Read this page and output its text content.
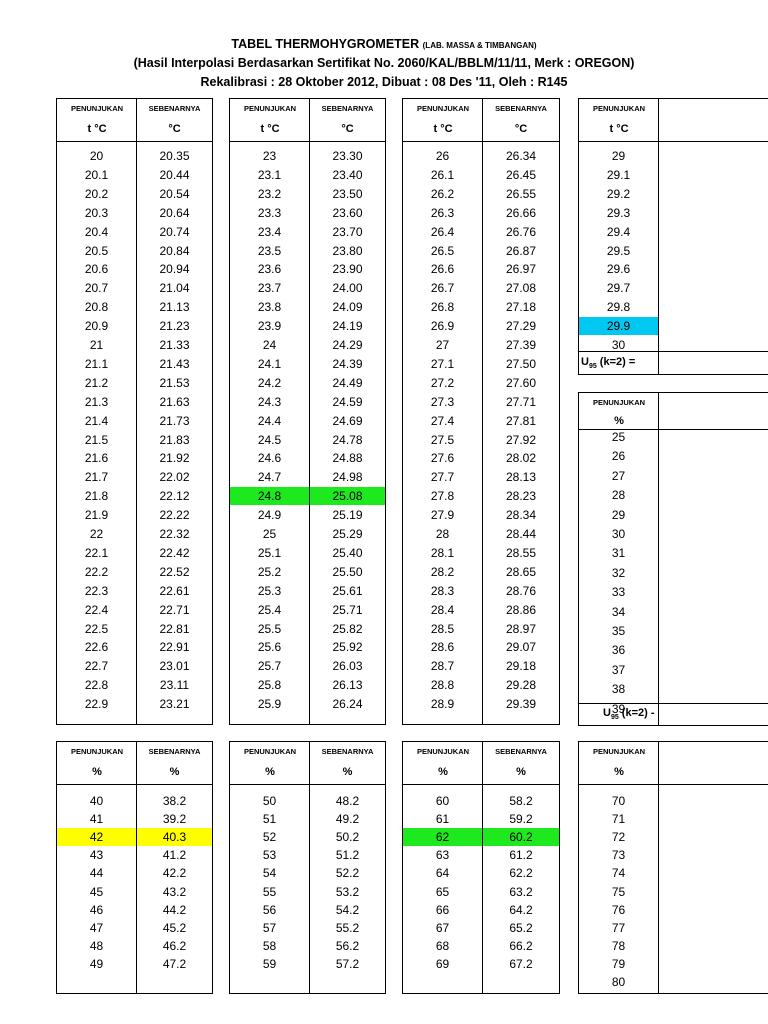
TABEL THERMOHYGROMETER (LAB. MASSA & TIMBANGAN)
(Hasil Interpolasi Berdasarkan Sertifikat No. 2060/KAL/BBLM/11/11, Merk : OREGON)
Rekalibrasi : 28 Oktober 2012, Dibuat : 08 Des '11, Oleh : R145
PENUNJUKAN	SEBENARNYA
t °C	°C
20	20.35
20.1	20.44
20.2	20.54
20.3	20.64
20.4	20.74
20.5	20.84
20.6	20.94
20.7	21.04
20.8	21.13
20.9	21.23
21	21.33
21.1	21.43
21.2	21.53
21.3	21.63
21.4	21.73
21.5	21.83
21.6	21.92
21.7	22.02
21.8	22.12
21.9	22.22
22	22.32
22.1	22.42
22.2	22.52
22.3	22.61
22.4	22.71
22.5	22.81
22.6	22.91
22.7	23.01
22.8	23.11
22.9	23.21
PENUNJUKAN	SEBENARNYA
t °C	°C
23	23.30
23.1	23.40
23.2	23.50
23.3	23.60
23.4	23.70
23.5	23.80
23.6	23.90
23.7	24.00
23.8	24.09
23.9	24.19
24	24.29
24.1	24.39
24.2	24.49
24.3	24.59
24.4	24.69
24.5	24.78
24.6	24.88
24.7	24.98
24.8	25.08
24.9	25.19
25	25.29
25.1	25.40
25.2	25.50
25.3	25.61
25.4	25.71
25.5	25.82
25.6	25.92
25.7	26.03
25.8	26.13
25.9	26.24
PENUNJUKAN	SEBENARNYA
t °C	°C
26	26.34
26.1	26.45
26.2	26.55
26.3	26.66
26.4	26.76
26.5	26.87
26.6	26.97
26.7	27.08
26.8	27.18
26.9	27.29
27	27.39
27.1	27.50
27.2	27.60
27.3	27.71
27.4	27.81
27.5	27.92
27.6	28.02
27.7	28.13
27.8	28.23
27.9	28.34
28	28.44
28.1	28.55
28.2	28.65
28.3	28.76
28.4	28.86
28.5	28.97
28.6	29.07
28.7	29.18
28.8	29.28
28.9	29.39
PENUNJUKAN
t °C
29
29.1
29.2
29.3
29.4
29.5
29.6
29.7
29.8
29.9
30
$U_{95}$ (k=2) =
PENUNJUKAN
%
25
26
27
28
29
30
31
32
33
34
35
36
37
38
39
$U_{95}$ (k=2) -
PENUNJUKAN	SEBENARNYA
%	%
40	38.2
41	39.2
42	40.3
43	41.2
44	42.2
45	43.2
46	44.2
47	45.2
48	46.2
49	47.2
PENUNJUKAN	SEBENARNYA
%	%
50	48.2
51	49.2
52	50.2
53	51.2
54	52.2
55	53.2
56	54.2
57	55.2
58	56.2
59	57.2
PENUNJUKAN	SEBENARNYA
%	%
60	58.2
61	59.2
62	60.2
63	61.2
64	62.2
65	63.2
66	64.2
67	65.2
68	66.2
69	67.2
PENUNJUKAN
%
70
71
72
73
74
75
76
77
78
79
80
